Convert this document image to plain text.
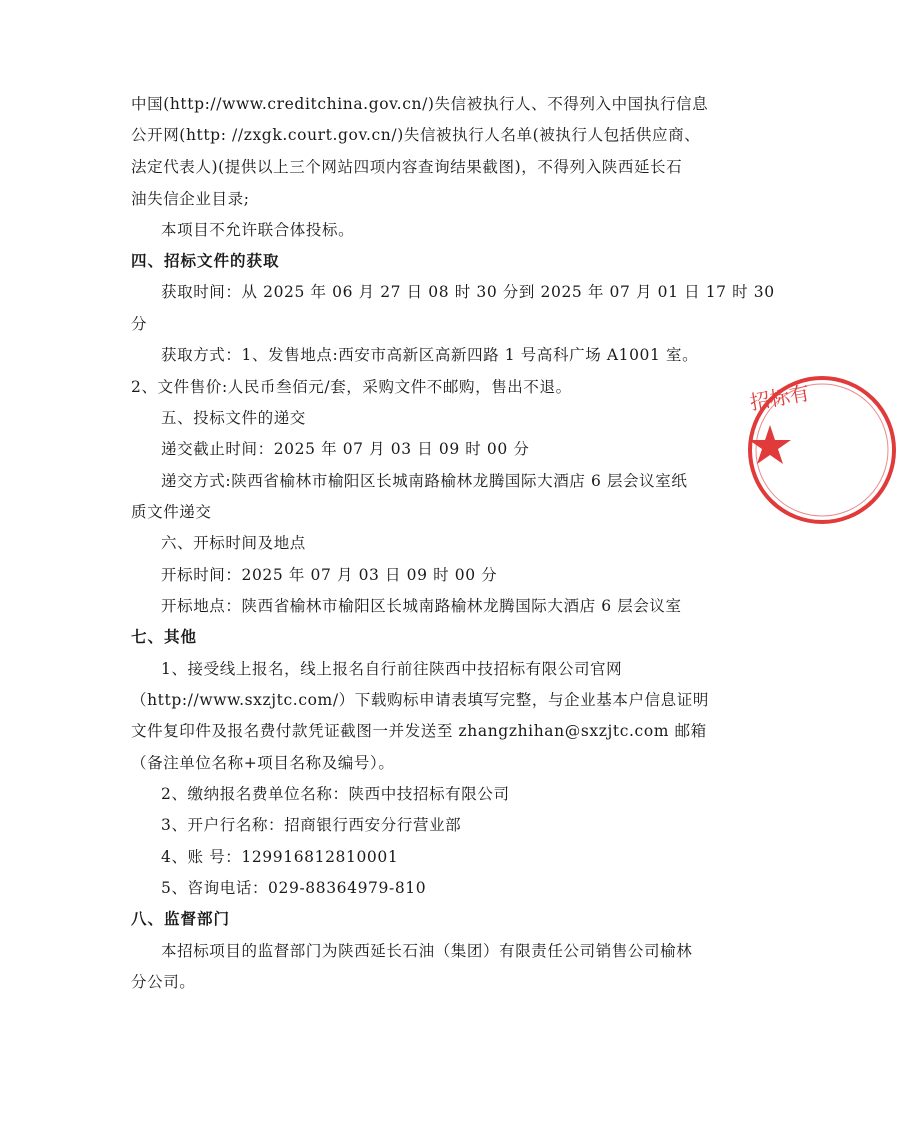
中国(http://www.creditchina.gov.cn/)失信被执行人、不得列入中国执行信息
公开网(http: //zxgk.court.gov.cn/)失信被执行人名单(被执行人包括供应商、
法定代表人)(提供以上三个网站四项内容查询结果截图)，不得列入陕西延长石
油失信企业目录;
本项目不允许联合体投标。
四、招标文件的获取
获取时间：从 2025 年 06 月 27 日 08 时 30 分到 2025 年 07 月 01 日 17 时 30
分
获取方式：1、发售地点:西安市高新区高新四路 1 号高科广场 A1001 室。
2、文件售价:人民币叁佰元/套，采购文件不邮购，售出不退。
五、投标文件的递交
递交截止时间：2025 年 07 月 03 日 09 时 00 分
递交方式:陕西省榆林市榆阳区长城南路榆林龙腾国际大酒店 6 层会议室纸
质文件递交
六、开标时间及地点
开标时间：2025 年 07 月 03 日 09 时 00 分
开标地点：陕西省榆林市榆阳区长城南路榆林龙腾国际大酒店 6 层会议室
七、其他
1、接受线上报名，线上报名自行前往陕西中技招标有限公司官网
（http://www.sxzjtc.com/）下载购标申请表填写完整，与企业基本户信息证明
文件复印件及报名费付款凭证截图一并发送至 zhangzhihan@sxzjtc.com 邮箱
（备注单位名称+项目名称及编号）。
2、缴纳报名费单位名称：陕西中技招标有限公司
3、开户行名称：招商银行西安分行营业部
4、账 号：129916812810001
5、咨询电话：029-88364979-810
八、监督部门
本招标项目的监督部门为陕西延长石油（集团）有限责任公司销售公司榆林
分公司。
招标有
